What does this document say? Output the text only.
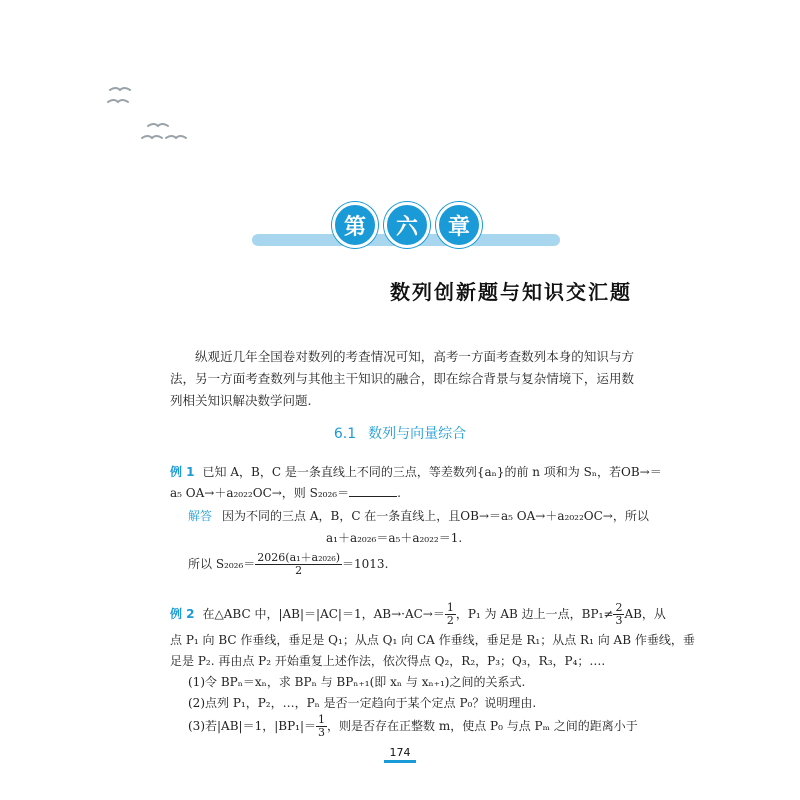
第	六	章
数列创新题与知识交汇题
纵观近几年全国卷对数列的考查情况可知，高考一方面考查数列本身的知识与方法，另一方面考查数列与其他主干知识的融合，即在综合背景与复杂情境下，运用数列相关知识解决数学问题.
6.1 数列与向量综合
例 1 已知 A，B，C 是一条直线上不同的三点，等差数列{aₙ}的前 n 项和为 Sₙ，若OB→＝
a₅ OA→＋a₂₀₂₂OC→，则 S₂₀₂₆＝	.
解答 因为不同的三点 A，B，C 在一条直线上，且OB→＝a₅ OA→＋a₂₀₂₂OC→，所以
a₁＋a₂₀₂₆＝a₅＋a₂₀₂₂＝1.
所以 $S_{2026}= \frac{\text{2026(a₁＋a₂₀₂₆)}}{2} =1013$.
例 2 在△ABC 中，|AB|＝|AC|＝1，$AB\to\cdot AC\to= \frac{1}{2}$ ，P₁ 为 AB 边上一点，$BP_1\ne \frac{2}{3}$ AB，从
点 P₁ 向 BC 作垂线，垂足是 Q₁；从点 Q₁ 向 CA 作垂线，垂足是 R₁；从点 R₁ 向 AB 作垂线，垂
足是 P₂. 再由点 P₂ 开始重复上述作法，依次得点 Q₂，R₂，P₃；Q₃，R₃，P₄；….
(1)令 BPₙ＝xₙ，求 BPₙ 与 BPₙ₊₁(即 xₙ 与 xₙ₊₁)之间的关系式.
(2)点列 P₁，P₂，…，Pₙ 是否一定趋向于某个定点 P₀？说明理由.
(3)若|AB|＝1，$|BP_1|= \frac{1}{3}$ ，则是否存在正整数 m，使点 P₀ 与点 Pₘ 之间的距离小于
174
